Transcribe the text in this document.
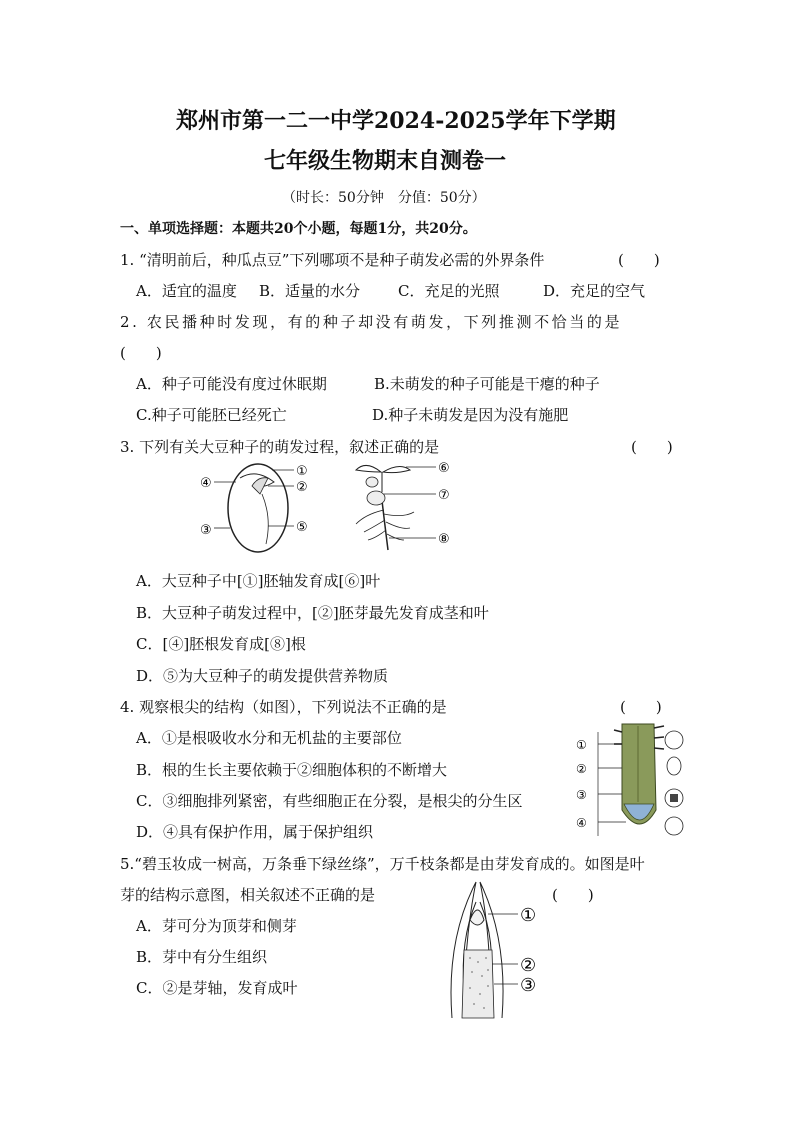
郑州市第一二一中学2024-2025学年下学期
七年级生物期末自测卷一
（时长：50分钟　分值：50分）
一、单项选择题：本题共20个小题，每题1分，共20分。
1. “清明前后，种瓜点豆”下列哪项不是种子萌发必需的外界条件	(　　)
A．适宜的温度 B．适量的水分	C．充足的光照	D．充足的空气
2. 农民播种时发现，有的种子却没有萌发，下列推测不恰当的是
(　　)
A．种子可能没有度过休眠期	B.未萌发的种子可能是干瘪的种子
C.种子可能胚已经死亡	D.种子未萌发是因为没有施肥
3. 下列有关大豆种子的萌发过程，叙述正确的是	(　　)
①
②
③
④
⑤
⑥
⑦
⑧
A．大豆种子中[①]胚轴发育成[⑥]叶
B．大豆种子萌发过程中，[②]胚芽最先发育成茎和叶
C．[④]胚根发育成[⑧]根
D．⑤为大豆种子的萌发提供营养物质
4. 观察根尖的结构（如图），下列说法不正确的是	(　　)
A．①是根吸收水分和无机盐的主要部位
B．根的生长主要依赖于②细胞体积的不断增大
C．③细胞排列紧密，有些细胞正在分裂，是根尖的分生区
D．④具有保护作用，属于保护组织
①
②
③
④
5.“碧玉妆成一树高，万条垂下绿丝绦”，万千枝条都是由芽发育成的。如图是叶
芽的结构示意图，相关叙述不正确的是	(　　)
A．芽可分为顶芽和侧芽
B．芽中有分生组织
C．②是芽轴，发育成叶
①
②
③
